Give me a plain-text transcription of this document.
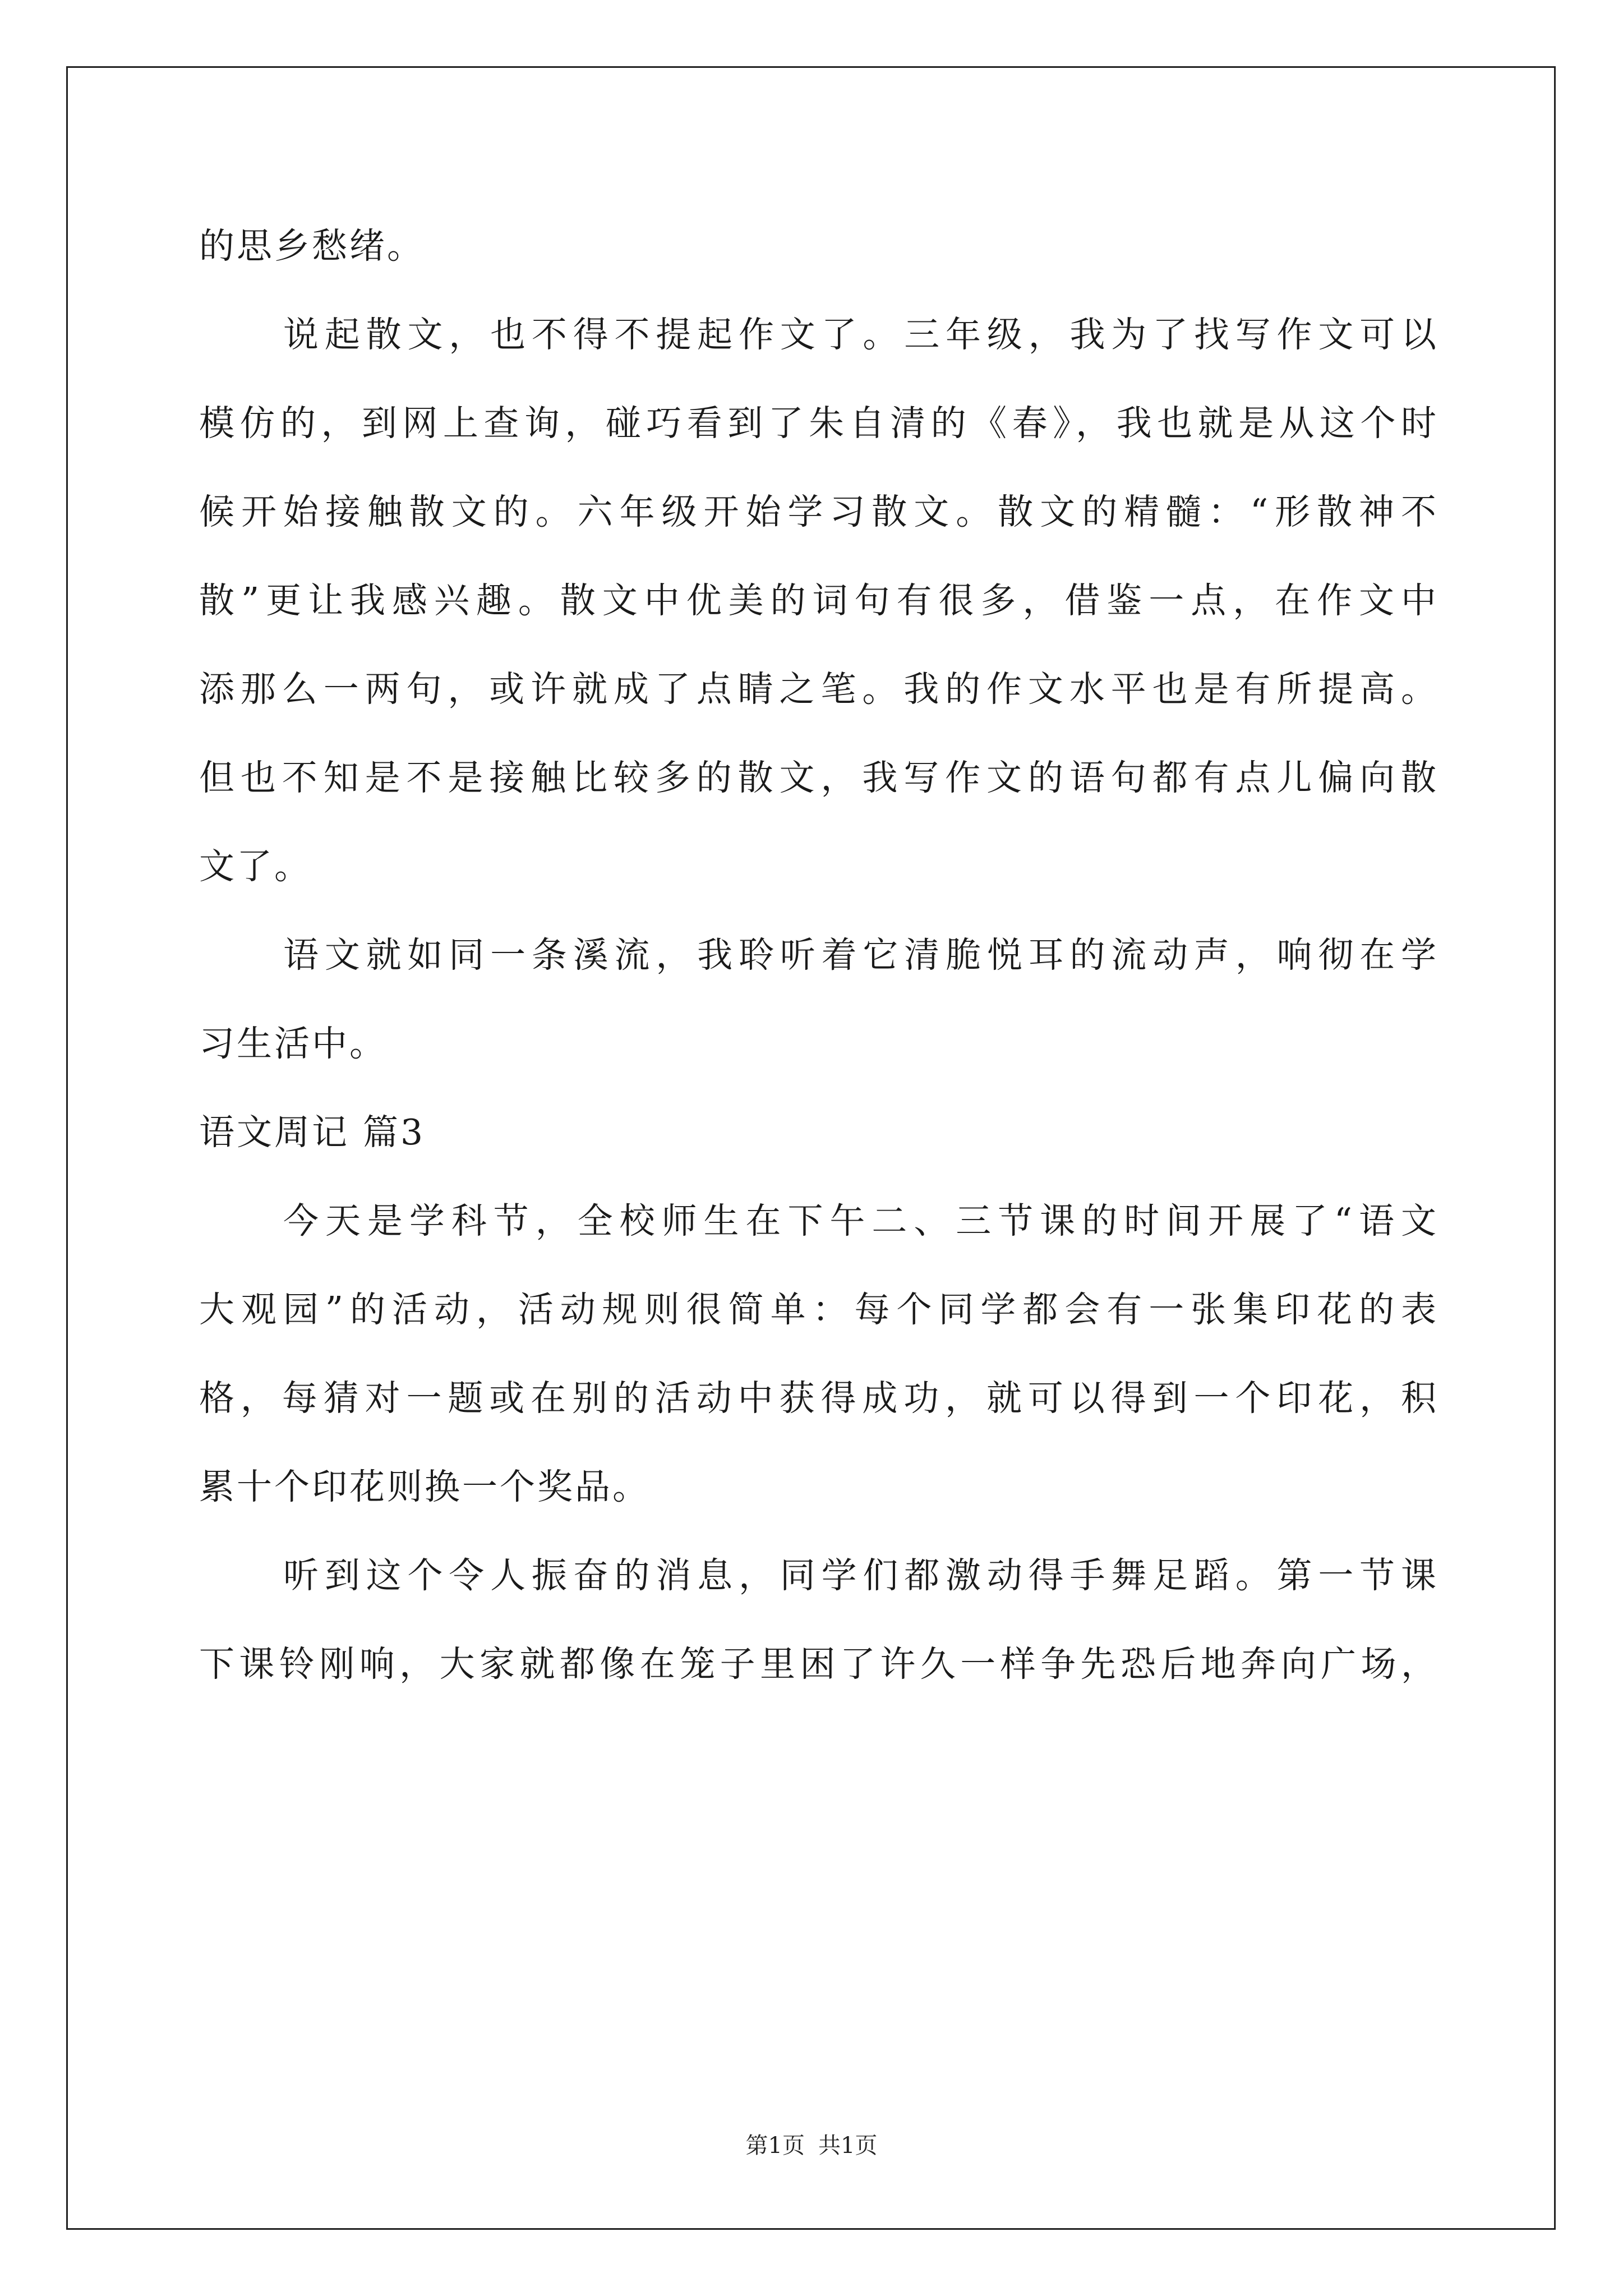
的思乡愁绪。
说起散文，也不得不提起作文了。三年级，我为了找写作文可以
模仿的，到网上查询，碰巧看到了朱自清的《春》，我也就是从这个时
候开始接触散文的。六年级开始学习散文。散文的精髓：“形散神不
散”更让我感兴趣。散文中优美的词句有很多，借鉴一点，在作文中
添那么一两句，或许就成了点睛之笔。我的作文水平也是有所提高。
但也不知是不是接触比较多的散文，我写作文的语句都有点儿偏向散
文了。
语文就如同一条溪流，我聆听着它清脆悦耳的流动声，响彻在学
习生活中。
语文周记 篇3
今天是学科节，全校师生在下午二、三节课的时间开展了“语文
大观园”的活动，活动规则很简单：每个同学都会有一张集印花的表
格，每猜对一题或在别的活动中获得成功，就可以得到一个印花，积
累十个印花则换一个奖品。
听到这个令人振奋的消息，同学们都激动得手舞足蹈。第一节课
下课铃刚响，大家就都像在笼子里困了许久一样争先恐后地奔向广场，
第1页 共1页
